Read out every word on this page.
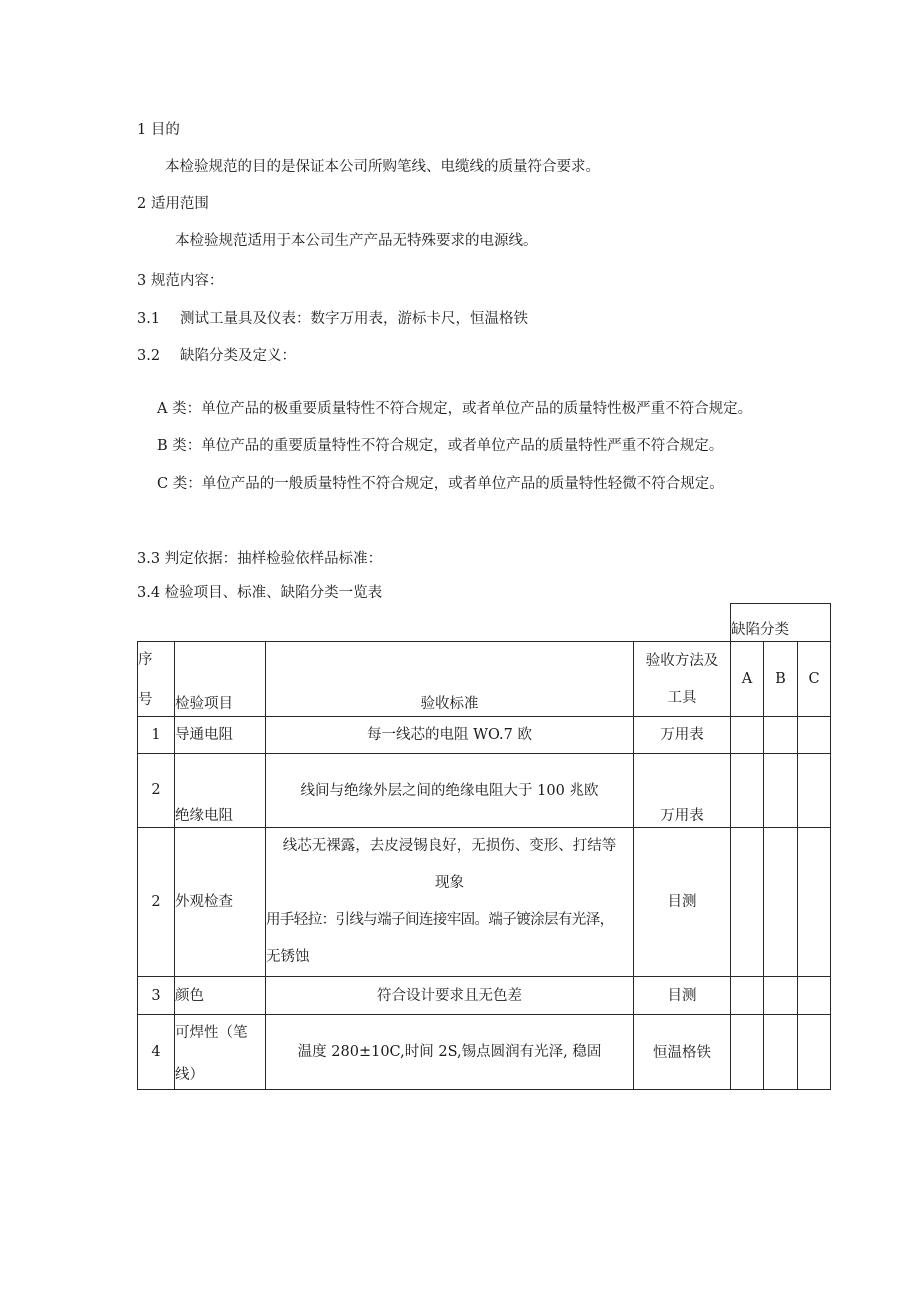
1 目的
本检验规范的目的是保证本公司所购笔线、电缆线的质量符合要求。
2 适用范围
本检验规范适用于本公司生产产品无特殊要求的电源线。
3 规范内容：
3.1 测试工量具及仪表：数字万用表，游标卡尺，恒温格铁
3.2 缺陷分类及定义：
A 类：单位产品的极重要质量特性不符合规定，或者单位产品的质量特性极严重不符合规定。
B 类：单位产品的重要质量特性不符合规定，或者单位产品的质量特性严重不符合规定。
C 类：单位产品的一般质量特性不符合规定，或者单位产品的质量特性轻微不符合规定。
3.3 判定依据：抽样检验依样品标准：
3.4 检验项目、标准、缺陷分类一览表
				缺陷分类		

序
号	检验项目	验收标准	验收方法及
工具	A	B	C
1	导通电阻	每一线芯的电阻 WO.7 欧	万用表			
2	绝缘电阻	线间与绝缘外层之间的绝缘电阻大于 100 兆欧	万用表			
2	外观检查	线芯无裸露，去皮浸锡良好，无损伤、变形、打结等
现象
用手轻拉：引线与端子间连接牢固。端子镀涂层有光泽，
无锈蚀	目测			
3	颜色	符合设计要求且无色差	目测			
4	可焊性（笔
线）	温度 280±10C,时间 2S,锡点圆润有光泽, 稳固	恒温格铁			
